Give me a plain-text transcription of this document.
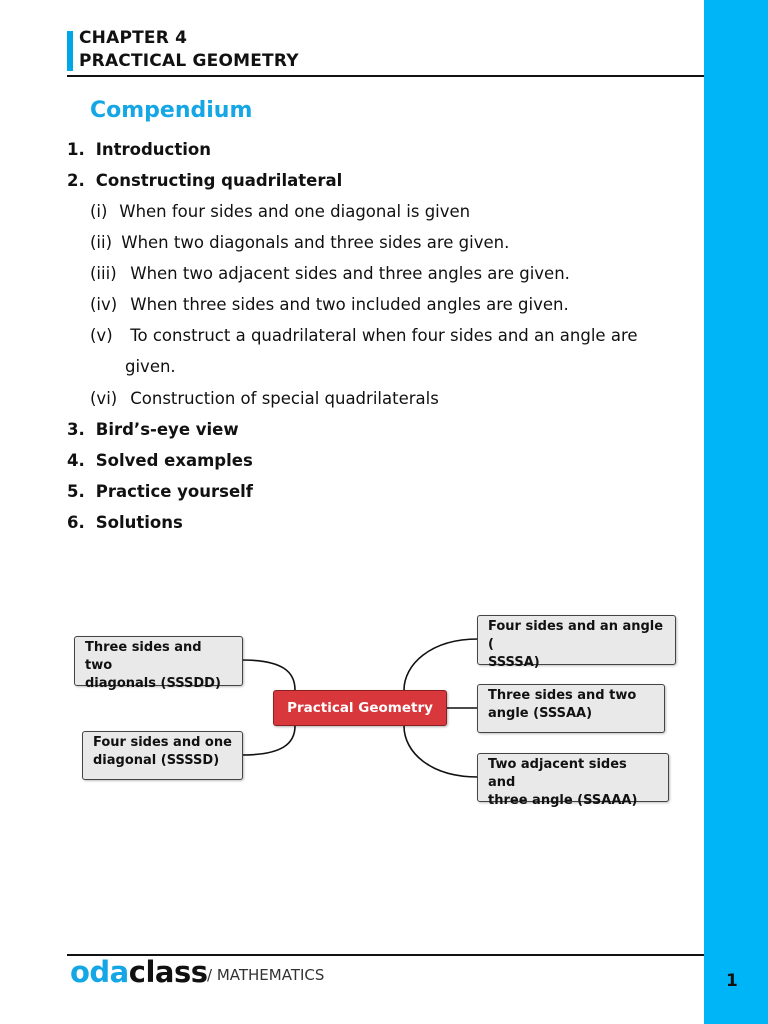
CHAPTER 4
PRACTICAL GEOMETRY
Compendium
1. Introduction
2. Constructing quadrilateral
(i) When four sides and one diagonal is given
(ii) When two diagonals and three sides are given.
(iii) When two adjacent sides and three angles are given.
(iv) When three sides and two included angles are given.
(v) To construct a quadrilateral when four sides and an angle are
given.
(vi) Construction of special quadrilaterals
3. Bird’s-eye view
4. Solved examples
5. Practice yourself
6. Solutions
Practical Geometry
Three sides and two
diagonals (SSSDD)
Four sides and one
diagonal (SSSSD)
Four sides and an angle (
SSSSA)
Three sides and two
angle (SSSAA)
Two adjacent sides and
three angle (SSAAA)
odaclass / MATHEMATICS	1
